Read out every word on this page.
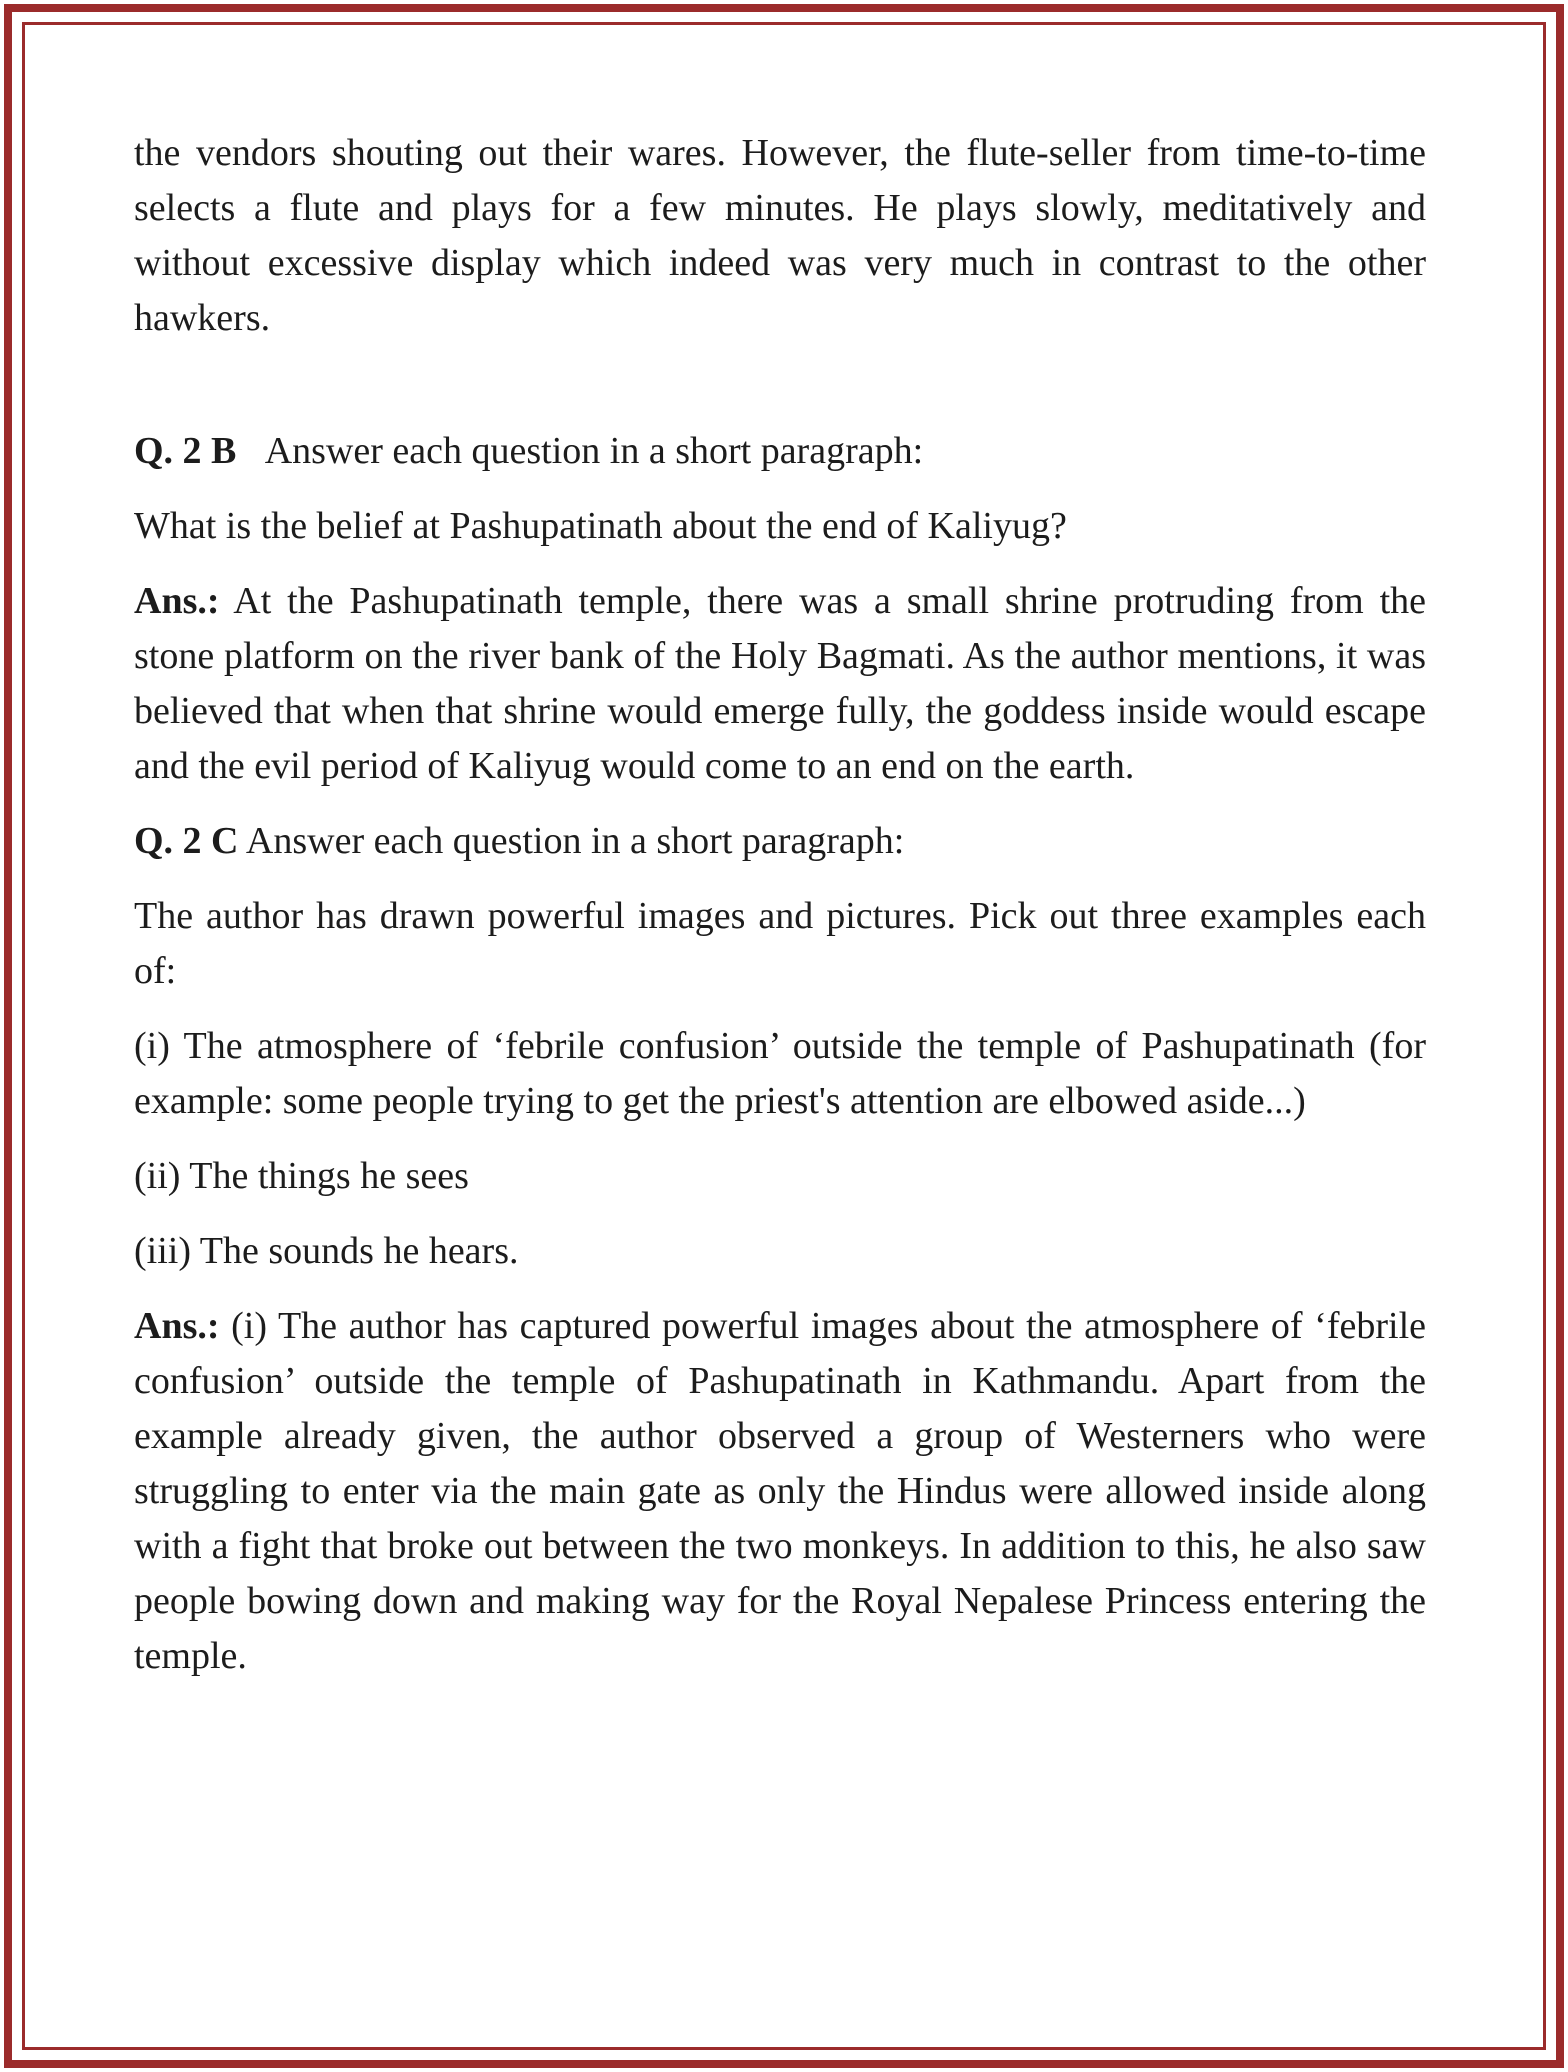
the vendors shouting out their wares. However, the flute-seller from time-to-time selects a flute and plays for a few minutes. He plays slowly, meditatively and without excessive display which indeed was very much in contrast to the other hawkers.

Q. 2 B Answer each question in a short paragraph:

What is the belief at Pashupatinath about the end of Kaliyug?

Ans.: At the Pashupatinath temple, there was a small shrine protruding from the stone platform on the river bank of the Holy Bagmati. As the author mentions, it was believed that when that shrine would emerge fully, the goddess inside would escape and the evil period of Kaliyug would come to an end on the earth.

Q. 2 C Answer each question in a short paragraph:

The author has drawn powerful images and pictures. Pick out three examples each of:

(i) The atmosphere of ‘febrile confusion’ outside the temple of Pashupatinath (for example: some people trying to get the priest's attention are elbowed aside...)

(ii) The things he sees

(iii) The sounds he hears.

Ans.: (i) The author has captured powerful images about the atmosphere of ‘febrile confusion’ outside the temple of Pashupatinath in Kathmandu. Apart from the example already given, the author observed a group of Westerners who were struggling to enter via the main gate as only the Hindus were allowed inside along with a fight that broke out between the two monkeys. In addition to this, he also saw people bowing down and making way for the Royal Nepalese Princess entering the temple.
